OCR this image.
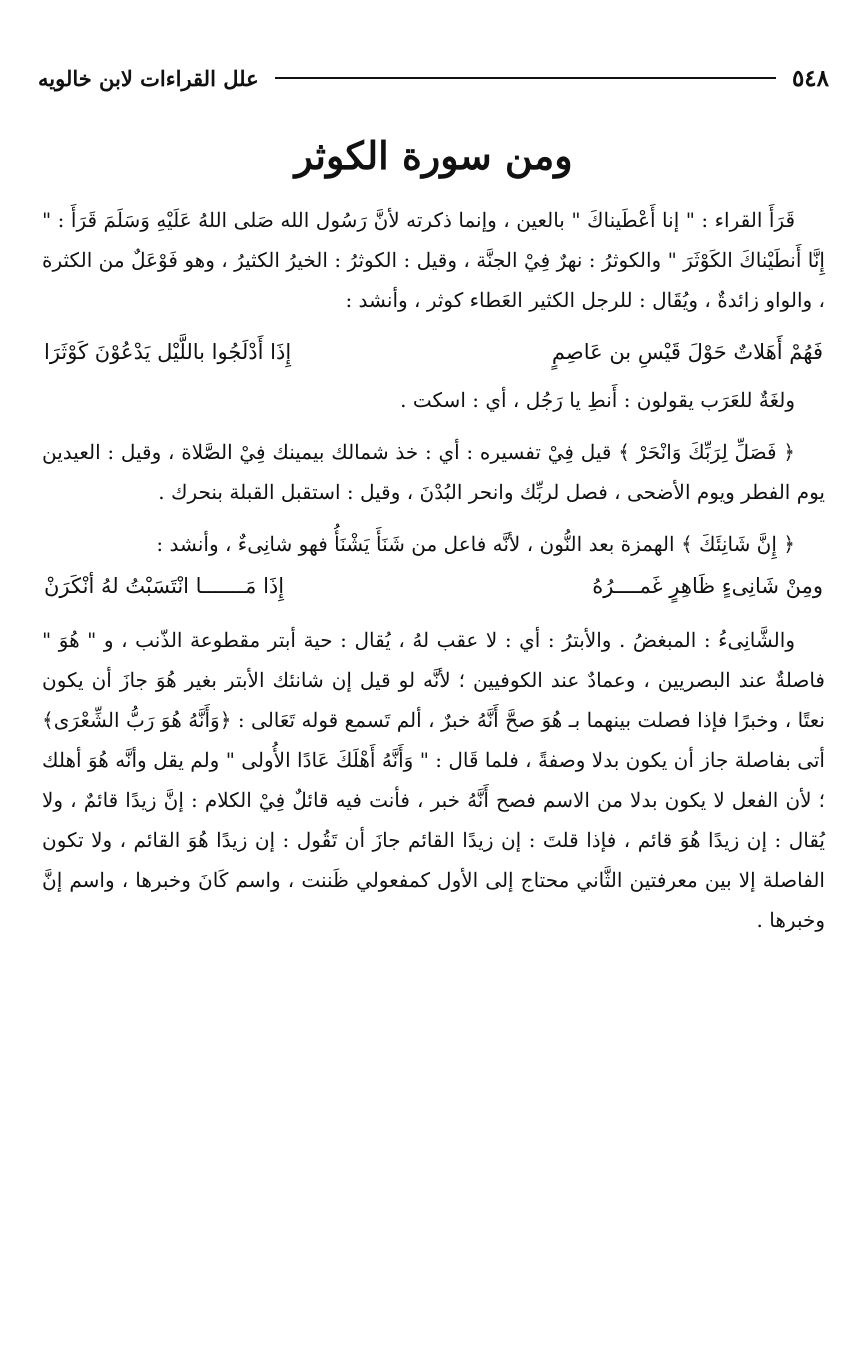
٥٤٨
علل القراءات لابن خالويه
ومن سورة الكوثر

قَرَأَ القراء : " إنا أَعْطَيناكَ " بالعين ، وإنما ذكرته لأنَّ رَسُول الله صَلى اللهُ عَلَيْهِ وَسَلَمَ قَرَأَ : " إِنَّا أَنطَيْناكَ الكَوْثَرَ " والكوثرُ : نهرٌ فِيْ الجنَّة ، وقيل : الكوثرُ : الخيرُ الكثيرُ ، وهو فَوْعَلٌ من الكثرة ، والواو زائدةٌ ، ويُقَال : للرجل الكثير العَطاء كوثر ، وأنشد :

فَهُمْ أَهَلاتٌ حَوْلَ قَيْسِ بن عَاصِمٍ
إِذَا أَدْلَجُوا باللَّيْل يَدْعُوْنَ كَوْثَرَا

ولغَةٌ للعَرَب يقولون : أَنطِ يا رَجُل ، أي : اسكت .

﴿ فَصَلِّ لِرَبِّكَ وَانْحَرْ ﴾ قيل فِيْ تفسيره : أي : خذ شمالك بيمينك فِيْ الصَّلاة ، وقيل : العيدين يوم الفطر ويوم الأضحى ، فصل لربِّك وانحر البُدْنَ ، وقيل : استقبل القبلة بنحرك .

﴿ إِنَّ شَانِئَكَ ﴾ الهمزة بعد النُّون ، لأنَّه فاعل من شَنَأَ يَشْنَأُ فهو شانِىءٌ ، وأنشد :

ومِنْ شَانِىءٍ ظَاهِرٍ غَمــــرُهُ
إِذَا مَـــــــا انْتَسَبْتُ لهُ أنْكَرَنْ

والشَّانِىءُ : المبغضُ . والأبترُ : أي : لا عقب لهُ ، يُقال : حية أبتر مقطوعة الذّنب ، و " هُوَ " فاصلةٌ عند البصريين ، وعمادٌ عند الكوفيين ؛ لأنَّه لو قيل إن شانئك الأبتر بغير هُوَ جازَ أن يكون نعتًا ، وخبرًا فإذا فصلت بينهما بـ هُوَ صحَّ أَنَّهُ خبرٌ ، ألم تَسمع قوله تَعَالى : ﴿وَأَنَّهُ هُوَ رَبُّ الشِّعْرَى﴾ أتى بفاصلة جاز أن يكون بدلا وصفةً ، فلما قَال : " وَأَنَّهُ أَهْلَكَ عَادًا الأُولى " ولم يقل وأنَّه هُوَ أهلك ؛ لأن الفعل لا يكون بدلا من الاسم فصح أَنَّهُ خبر ، فأنت فيه قائلٌ فِيْ الكلام : إنَّ زيدًا قائمٌ ، ولا يُقال : إن زيدًا هُوَ قائم ، فإذا قلتَ : إن زيدًا القائم جازَ أن تَقُول : إن زيدًا هُوَ القائم ، ولا تكون الفاصلة إلا بين معرفتين الثَّاني محتاج إلى الأول كمفعولي ظَننت ، واسم كَانَ وخبرها ، واسم إنَّ وخبرها .
